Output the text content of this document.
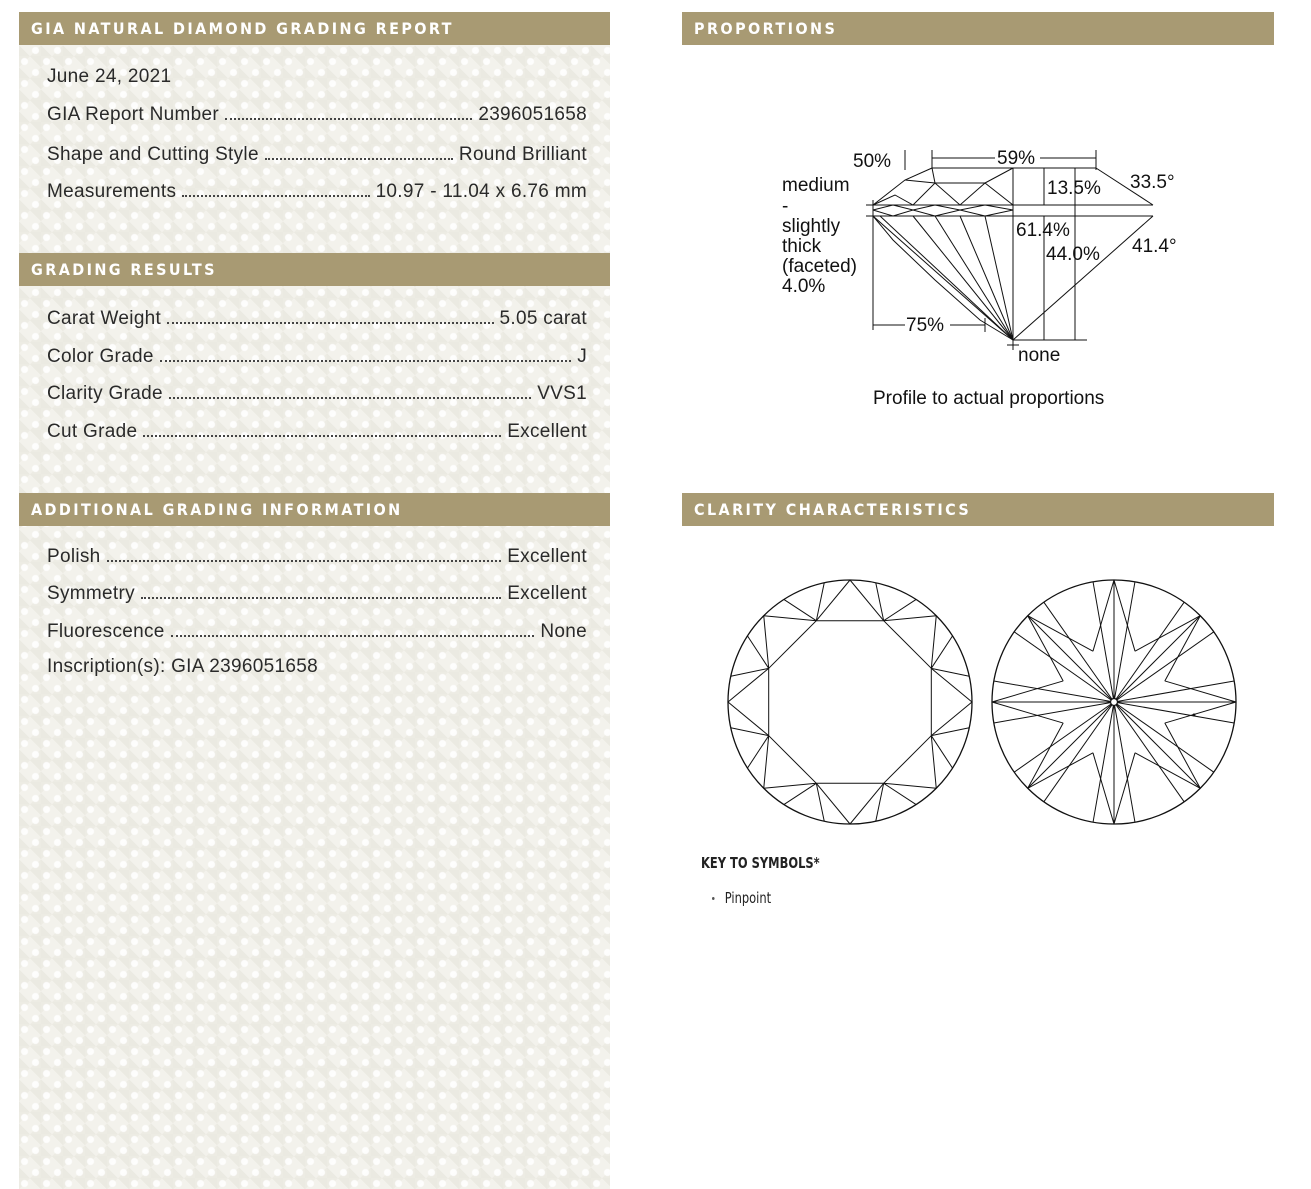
GIA NATURAL DIAMOND GRADING REPORT
June 24, 2021
GIA Report Number	2396051658
Shape and Cutting Style	Round Brilliant
Measurements	10.97 - 11.04 x 6.76 mm
GRADING RESULTS
Carat Weight	5.05 carat
Color Grade	J
Clarity Grade	VVS1
Cut Grade	Excellent
ADDITIONAL GRADING INFORMATION
Polish	Excellent
Symmetry	Excellent
Fluorescence	None
Inscription(s): GIA 2396051658
PROPORTIONS
50%	59%
13.5% 33.5°
61.4%
44.0% 41.4°
medium
-
slightly
thick
(faceted)
4.0%
75%
none
Profile to actual proportions
CLARITY CHARACTERISTICS
KEY TO SYMBOLS*
Pinpoint
